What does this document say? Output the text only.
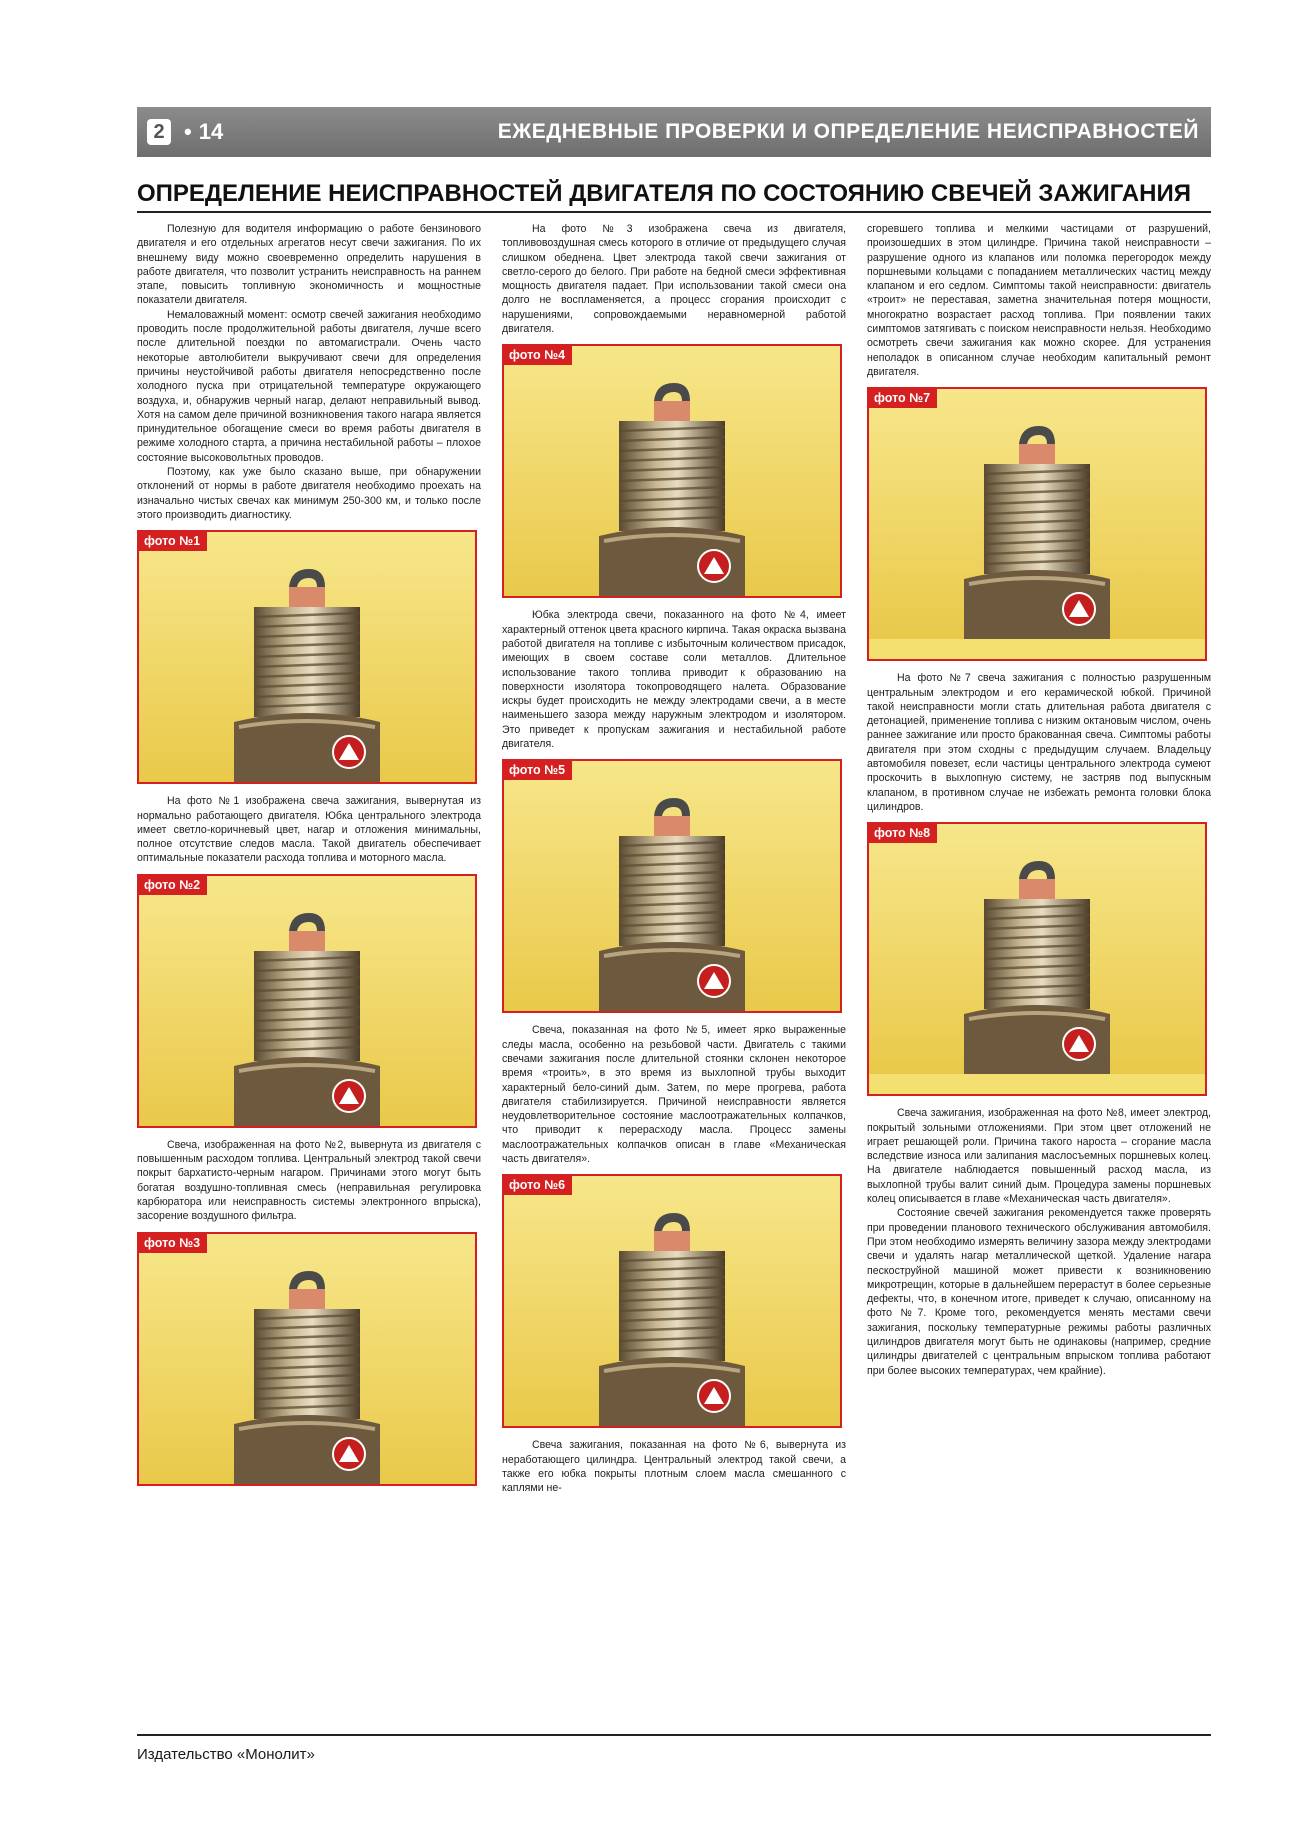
2 • 14	ЕЖЕДНЕВНЫЕ ПРОВЕРКИ И ОПРЕДЕЛЕНИЕ НЕИСПРАВНОСТЕЙ
ОПРЕДЕЛЕНИЕ НЕИСПРАВНОСТЕЙ ДВИГАТЕЛЯ ПО СОСТОЯНИЮ СВЕЧЕЙ ЗАЖИГАНИЯ

Полезную для водителя информацию о работе бензинового двигателя и его отдельных агрегатов несут свечи зажигания. По их внешнему виду можно своевременно определить нарушения в работе двигателя, что позволит устранить неисправность на раннем этапе, повысить топливную экономичность и мощностные показатели двигателя.

Немаловажный момент: осмотр свечей зажигания необходимо проводить после продолжительной работы двигателя, лучше всего после длительной поездки по автомагистрали. Очень часто некоторые автолюбители выкручивают свечи для определения причины неустойчивой работы двигателя непосредственно после холодного пуска при отрицательной температуре окружающего воздуха, и, обнаружив черный нагар, делают неправильный вывод. Хотя на самом деле причиной возникновения такого нагара является принудительное обогащение смеси во время работы двигателя в режиме холодного старта, а причина нестабильной работы – плохое состояние высоковольтных проводов.

Поэтому, как уже было сказано выше, при обнаружении отклонений от нормы в работе двигателя необходимо проехать на изначально чистых свечах как минимум 250-300 км, и только после этого производить диагностику.

фото №1

На фото №1 изображена свеча зажигания, вывернутая из нормально работающего двигателя. Юбка центрального электрода имеет светло-коричневый цвет, нагар и отложения минимальны, полное отсутствие следов масла. Такой двигатель обеспечивает оптимальные показатели расхода топлива и моторного масла.

фото №2

Свеча, изображенная на фото №2, вывернута из двигателя с повышенным расходом топлива. Центральный электрод такой свечи покрыт бархатисто-черным нагаром. Причинами этого могут быть богатая воздушно-топливная смесь (неправильная регулировка карбюратора или неисправность системы электронного впрыска), засорение воздушного фильтра.

фото №3

На фото №3 изображена свеча из двигателя, топливовоздушная смесь которого в отличие от предыдущего случая слишком обеднена. Цвет электрода такой свечи зажигания от светло-серого до белого. При работе на бедной смеси эффективная мощность двигателя падает. При использовании такой смеси она долго не воспламеняется, а процесс сгорания происходит с нарушениями, сопровождаемыми неравномерной работой двигателя.

фото №4

Юбка электрода свечи, показанного на фото №4, имеет характерный оттенок цвета красного кирпича. Такая окраска вызвана работой двигателя на топливе с избыточным количеством присадок, имеющих в своем составе соли металлов. Длительное использование такого топлива приводит к образованию на поверхности изолятора токопроводящего налета. Образование искры будет происходить не между электродами свечи, а в месте наименьшего зазора между наружным электродом и изолятором. Это приведет к пропускам зажигания и нестабильной работе двигателя.

фото №5

Свеча, показанная на фото №5, имеет ярко выраженные следы масла, особенно на резьбовой части. Двигатель с такими свечами зажигания после длительной стоянки склонен некоторое время «троить», в это время из выхлопной трубы выходит характерный бело-синий дым. Затем, по мере прогрева, работа двигателя стабилизируется. Причиной неисправности является неудовлетворительное состояние маслоотражательных колпачков, что приводит к перерасходу масла. Процесс замены маслоотражательных колпачков описан в главе «Механическая часть двигателя».

фото №6

Свеча зажигания, показанная на фото №6, вывернута из неработающего цилиндра. Центральный электрод такой свечи, а также его юбка покрыты плотным слоем масла смешанного с каплями не-

сгоревшего топлива и мелкими частицами от разрушений, произошедших в этом цилиндре. Причина такой неисправности – разрушение одного из клапанов или поломка перегородок между поршневыми кольцами с попаданием металлических частиц между клапаном и его седлом. Симптомы такой неисправности: двигатель «троит» не переставая, заметна значительная потеря мощности, многократно возрастает расход топлива. При появлении таких симптомов затягивать с поиском неисправности нельзя. Необходимо осмотреть свечи зажигания как можно скорее. Для устранения неполадок в описанном случае необходим капитальный ремонт двигателя.

фото №7

На фото №7 свеча зажигания с полностью разрушенным центральным электродом и его керамической юбкой. Причиной такой неисправности могли стать длительная работа двигателя с детонацией, применение топлива с низким октановым числом, очень раннее зажигание или просто бракованная свеча. Симптомы работы двигателя при этом сходны с предыдущим случаем. Владельцу автомобиля повезет, если частицы центрального электрода сумеют проскочить в выхлопную систему, не застряв под выпускным клапаном, в противном случае не избежать ремонта головки блока цилиндров.

фото №8

Свеча зажигания, изображенная на фото №8, имеет электрод, покрытый зольными отложениями. При этом цвет отложений не играет решающей роли. Причина такого нароста – сгорание масла вследствие износа или залипания маслосъемных поршневых колец. На двигателе наблюдается повышенный расход масла, из выхлопной трубы валит синий дым. Процедура замены поршневых колец описывается в главе «Механическая часть двигателя».

Состояние свечей зажигания рекомендуется также проверять при проведении планового технического обслуживания автомобиля. При этом необходимо измерять величину зазора между электродами свечи и удалять нагар металлической щеткой. Удаление нагара пескоструйной машиной может привести к возникновению микротрещин, которые в дальнейшем перерастут в более серьезные дефекты, что, в конечном итоге, приведет к случаю, описанному на фото №7. Кроме того, рекомендуется менять местами свечи зажигания, поскольку температурные режимы работы различных цилиндров двигателя могут быть не одинаковы (например, средние цилиндры двигателей с центральным впрыском топлива работают при более высоких температурах, чем крайние).

Издательство «Монолит»
